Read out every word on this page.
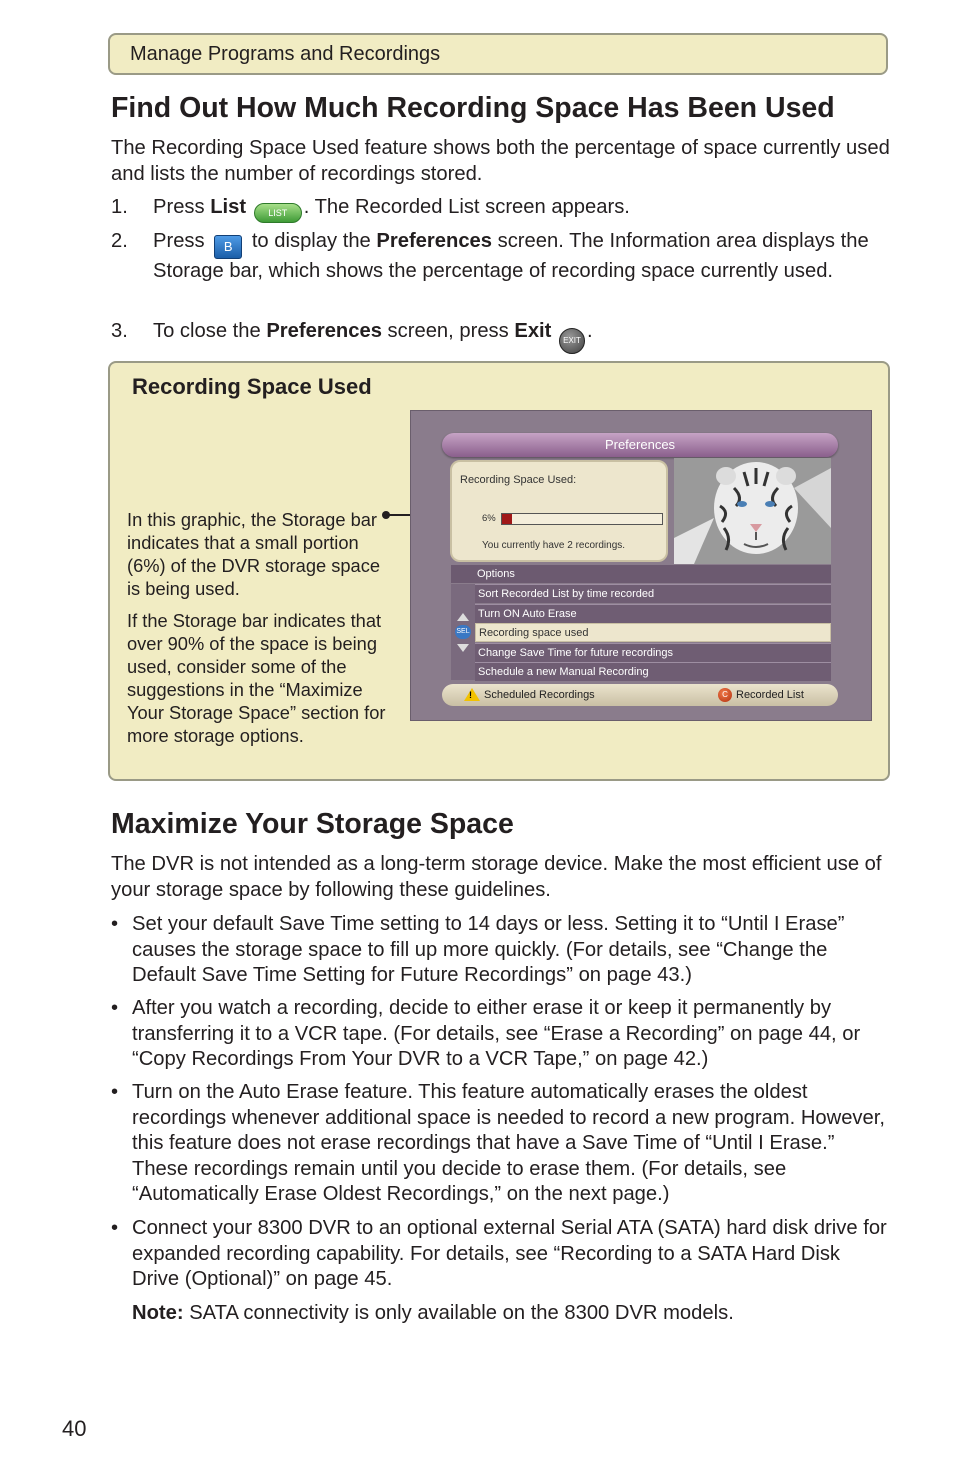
Manage Programs and Recordings
Find Out How Much Recording Space Has Been Used
The Recording Space Used feature shows both the percentage of space currently used and lists the number of recordings stored.
1. Press List LIST . The Recorded List screen appears.
2. Press B to display the Preferences screen. The Information area displays the Storage bar, which shows the percentage of recording space currently used.
3. To close the Preferences screen, press Exit EXIT .
Recording Space Used
In this graphic, the Storage bar indicates that a small portion (6%) of the DVR storage space is being used.
If the Storage bar indicates that over 90% of the space is being used, consider some of the suggestions in the “Maximize Your Storage Space” section for more storage options.
Preferences
Recording Space Used:
6%
You currently have 2 recordings.
Options
SEL
Sort Recorded List by time recorded
Turn ON Auto Erase
Recording space used
Change Save Time for future recordings
Schedule a new Manual Recording
! Scheduled Recordings	C Recorded List
Maximize Your Storage Space
The DVR is not intended as a long-term storage device. Make the most efficient use of your storage space by following these guidelines.
• Set your default Save Time setting to 14 days or less. Setting it to “Until I Erase” causes the storage space to fill up more quickly. (For details, see “Change the Default Save Time Setting for Future Recordings” on page 43.)
• After you watch a recording, decide to either erase it or keep it permanently by transferring it to a VCR tape. (For details, see “Erase a Recording” on page 44, or “Copy Recordings From Your DVR to a VCR Tape,” on page 42.)
• Turn on the Auto Erase feature. This feature automatically erases the oldest recordings whenever additional space is needed to record a new program. However, this feature does not erase recordings that have a Save Time of “Until I Erase.” These recordings remain until you decide to erase them. (For details, see “Automatically Erase Oldest Recordings,” on the next page.)
• Connect your 8300 DVR to an optional external Serial ATA (SATA) hard disk drive for expanded recording capability. For details, see “Recording to a SATA Hard Disk Drive (Optional)” on page 45.
Note: SATA connectivity is only available on the 8300 DVR models.
40
